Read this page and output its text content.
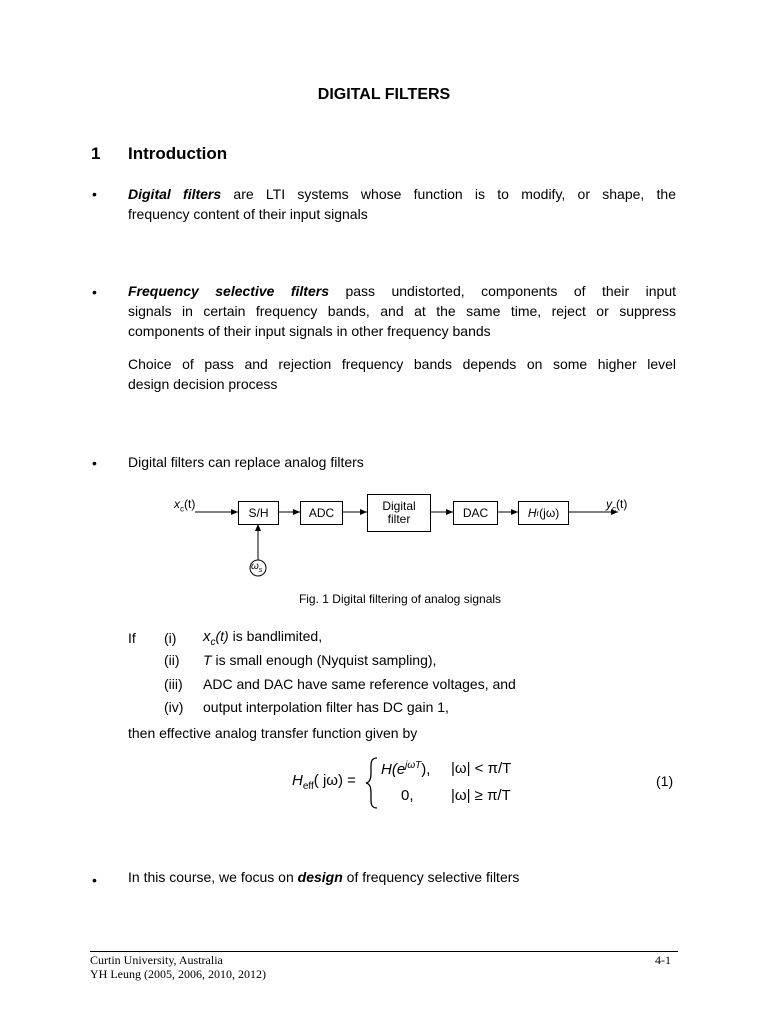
DIGITAL FILTERS
1 Introduction
• Digital filters are LTI systems whose function is to modify, or shape, the
frequency content of their input signals
• Frequency selective filters pass undistorted, components of their input
signals in certain frequency bands, and at the same time, reject or suppress
components of their input signals in other frequency bands
Choice of pass and rejection frequency bands depends on some higher level
design decision process
• Digital filters can replace analog filters
$x_c(t)$	$y_c(t)$
S/H	ADC	Digital
filter	DAC	H r (jω)
$\omega_s$
Fig. 1 Digital filtering of analog signals
If (i) $x_c(t)$ is bandlimited,
(ii) T is small enough (Nyquist sampling),
(iii) ADC and DAC have same reference voltages, and
(iv) output interpolation filter has DC gain 1,
then effective analog transfer function given by
$H_{eff}$( jω) =
$H(e^{j\omega T})$, |ω| < π/T
0, |ω| ≥ π/T
(1)
• In this course, we focus on design of frequency selective filters
Curtin University, Australia
YH Leung (2005, 2006, 2010, 2012)
4-1
